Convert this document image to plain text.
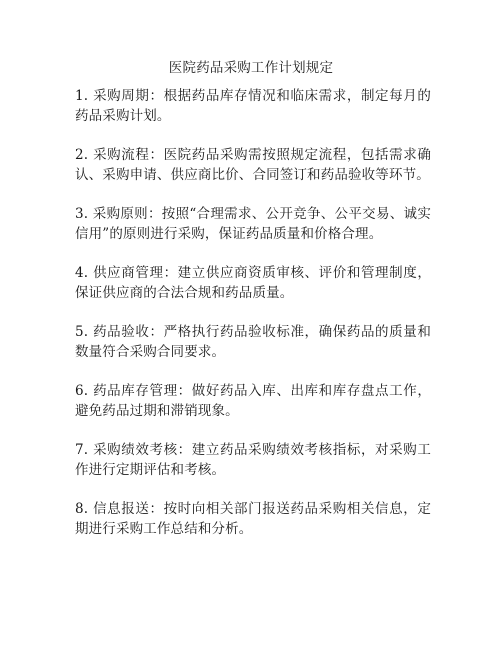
医院药品采购工作计划规定

1. 采购周期：根据药品库存情况和临床需求，制定每月的药品采购计划。

2. 采购流程：医院药品采购需按照规定流程，包括需求确认、采购申请、供应商比价、合同签订和药品验收等环节。

3. 采购原则：按照“合理需求、公开竞争、公平交易、诚实信用”的原则进行采购，保证药品质量和价格合理。

4. 供应商管理：建立供应商资质审核、评价和管理制度，保证供应商的合法合规和药品质量。

5. 药品验收：严格执行药品验收标准，确保药品的质量和数量符合采购合同要求。

6. 药品库存管理：做好药品入库、出库和库存盘点工作，避免药品过期和滞销现象。

7. 采购绩效考核：建立药品采购绩效考核指标，对采购工作进行定期评估和考核。

8. 信息报送：按时向相关部门报送药品采购相关信息，定期进行采购工作总结和分析。
